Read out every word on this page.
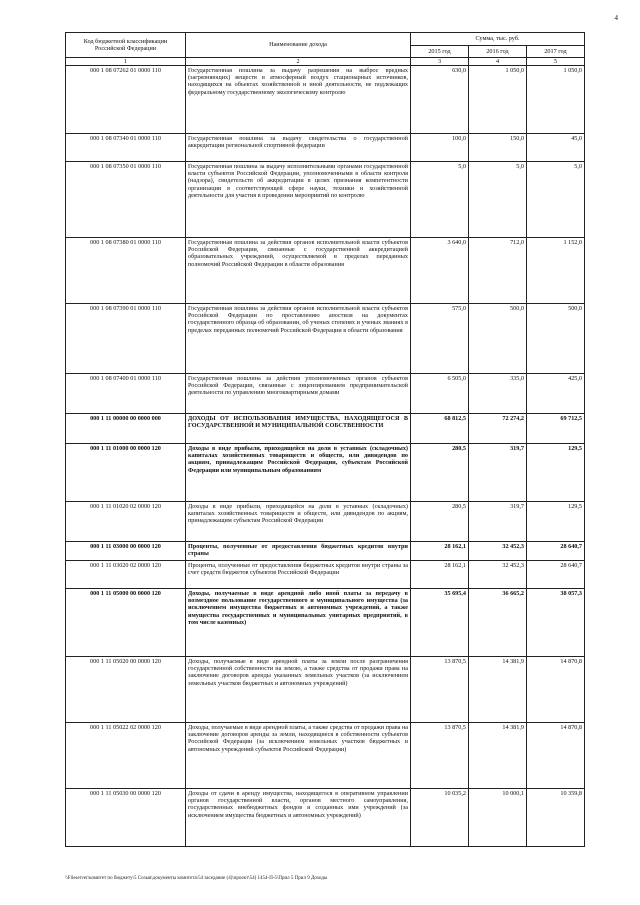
4
Код бюджетной классификации Российской Федерации	Наименование дохода	Сумма, тыс. руб.		
		2015 год	2016 год	2017 год
1	2	3	4	5
000 1 08 07262 01 0000 110	Государственная пошлина за выдачу разрешения на выброс вредных (загрязняющих) веществ в атмосферный воздух стационарных источников, находящихся на объектах хозяйственной и иной деятельности, не подлежащих федеральному государственному экологическому контролю	630,0	1 050,0	1 050,0
000 1 08 07340 01 0000 110	Государственная пошлина за выдачу свидетельства о государственной аккредитации региональной спортивной федерации	100,0	150,0	45,0
000 1 08 07350 01 0000 110	Государственная пошлина за выдачу исполнительными органами государственной власти субъектов Российской Федерации, уполномоченными в области контроля (надзора), свидетельств об аккредитации в целях признания компетентности организации в соответствующей сфере науки, техники и хозяйственной деятельности для участия в проведении мероприятий по контролю	5,0	5,0	5,0
000 1 08 07380 01 0000 110	Государственная пошлина за действия органов исполнительной власти субъектов Российской Федерации, связанные с государственной аккредитацией образовательных учреждений, осуществляемой в пределах переданных полномочий Российской Федерации в области образования	3 640,0	712,0	1 152,0
000 1 08 07390 01 0000 110	Государственная пошлина за действия органов исполнительной власти субъектов Российской Федерации по проставлению апостиля на документах государственного образца об образовании, об ученых степенях и ученых званиях в пределах переданных полномочий Российской Федерации в области образования	575,0	500,0	500,0
000 1 08 07400 01 0000 110	Государственная пошлина за действия уполномоченных органов субъектов Российской Федерации, связанные с лицензированием предпринимательской деятельности по управлению многоквартирными домами	6 505,0	335,0	425,0
000 1 11 00000 00 0000 000	ДОХОДЫ ОТ ИСПОЛЬЗОВАНИЯ ИМУЩЕСТВА, НАХОДЯЩЕГОСЯ В ГОСУДАРСТВЕННОЙ И МУНИЦИПАЛЬНОЙ СОБСТВЕННОСТИ	68 812,5	72 274,2	69 712,5
000 1 11 01000 00 0000 120	Доходы в виде прибыли, приходящейся на доли в уставных (складочных) капиталах хозяйственных товариществ и обществ, или дивидендов по акциям, принадлежащим Российской Федерации, субъектам Российской Федерации или муниципальным образованиям	280,5	319,7	129,5
000 1 11 01020 02 0000 120	Доходы в виде прибыли, приходящейся на доли в уставных (складочных) капиталах хозяйственных товариществ и обществ, или дивидендов по акциям, принадлежащим субъектам Российской Федерации	280,5	319,7	129,5
000 1 11 03000 00 0000 120	Проценты, полученные от предоставления бюджетных кредитов внутри страны	28 162,1	32 452,3	28 640,7
000 1 11 03020 02 0000 120	Проценты, полученные от предоставления бюджетных кредитов внутри страны за счет средств бюджетов субъектов Российской Федерации	28 162,1	32 452,3	28 640,7
000 1 11 05000 00 0000 120	Доходы, получаемые в виде арендной либо иной платы за передачу в возмездное пользование государственного и муниципального имущества (за исключением имущества бюджетных и автономных учреждений, а также имущества государственных и муниципальных унитарных предприятий, в том числе казенных)	35 695,4	36 665,2	38 057,3
000 1 11 05020 00 0000 120	Доходы, получаемые в виде арендной платы за земли после разграничения государственной собственности на землю, а также средства от продажи права на заключение договоров аренды указанных земельных участков (за исключением земельных участков бюджетных и автономных учреждений)	13 870,5	14 381,9	14 870,8
000 1 11 05022 02 0000 120	Доходы, получаемые в виде арендной платы, а также средства от продажи права на заключение договоров аренды за земли, находящиеся в собственности субъектов Российской Федерации (за исключением земельных участков бюджетных и автономных учреждений субъектов Российской Федерации)	13 870,5	14 381,9	14 870,8
000 1 11 05030 00 0000 120	Доходы от сдачи в аренду имущества, находящегося в оперативном управлении органов государственной власти, органов местного самоуправления, государственных внебюджетных фондов и созданных ими учреждений (за исключением имущества бюджетных и автономных учреждений)	10 035,2	10 000,1	10 359,8
\\Fileserver\комитет по бюджету\5 Созыв\документы комитета\54 заседание (4)\проект\54) 1454-П-5\Прил 5 Прил 9 Доходы
